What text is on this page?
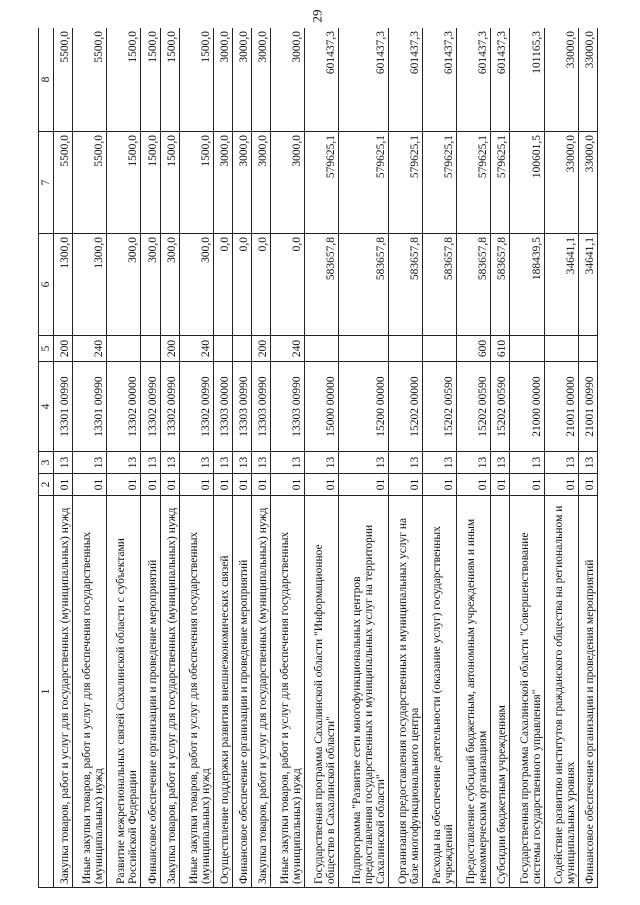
29
1	2	3	4	5	6	7	8
Закупка товаров, работ и услуг для государственных (муниципальных) нужд	01	13	13301 00990	200	1300,0	5500,0	5500,0
Иные закупки товаров, работ и услуг для обеспечения государственных (муниципальных) нужд	01	13	13301 00990	240	1300,0	5500,0	5500,0
Развитие межрегиональных связей Сахалинской области с субъектами Российской Федерации	01	13	13302 00000		300,0	1500,0	1500,0
Финансовое обеспечение организации и проведение мероприятий	01	13	13302 00990		300,0	1500,0	1500,0
Закупка товаров, работ и услуг для государственных (муниципальных) нужд	01	13	13302 00990	200	300,0	1500,0	1500,0
Иные закупки товаров, работ и услуг для обеспечения государственных (муниципальных) нужд	01	13	13302 00990	240	300,0	1500,0	1500,0
Осуществление поддержки развития внешнеэкономических связей	01	13	13303 00000		0,0	3000,0	3000,0
Финансовое обеспечение организации и проведение мероприятий	01	13	13303 00990		0,0	3000,0	3000,0
Закупка товаров, работ и услуг для государственных (муниципальных) нужд	01	13	13303 00990	200	0,0	3000,0	3000,0
Иные закупки товаров, работ и услуг для обеспечения государственных (муниципальных) нужд	01	13	13303 00990	240	0,0	3000,0	3000,0
Государственная программа Сахалинской области "Информационное общество в Сахалинской области"	01	13	15000 00000		583657,8	579625,1	601437,3
Подпрограмма "Развитие сети многофункциональных центров предоставления государственных и муниципальных услуг на территории Сахалинской области"	01	13	15200 00000		583657,8	579625,1	601437,3
Организация предоставления государственных и муниципальных услуг на базе многофункционального центра	01	13	15202 00000		583657,8	579625,1	601437,3
Расходы на обеспечение деятельности (оказание услуг) государственных учреждений	01	13	15202 00590		583657,8	579625,1	601437,3
Предоставление субсидий бюджетным, автономным учреждениям и иным некоммерческим организациям	01	13	15202 00590	600	583657,8	579625,1	601437,3
Субсидии бюджетным учреждениям	01	13	15202 00590	610	583657,8	579625,1	601437,3
Государственная программа Сахалинской области "Совершенствование системы государственного управления"	01	13	21000 00000		188439,5	100601,5	101165,3
Содействие развитию институтов гражданского общества на региональном и муниципальных уровнях	01	13	21001 00000		34641,1	33000,0	33000,0
Финансовое обеспечение организации и проведения мероприятий	01	13	21001 00990		34641,1	33000,0	33000,0
